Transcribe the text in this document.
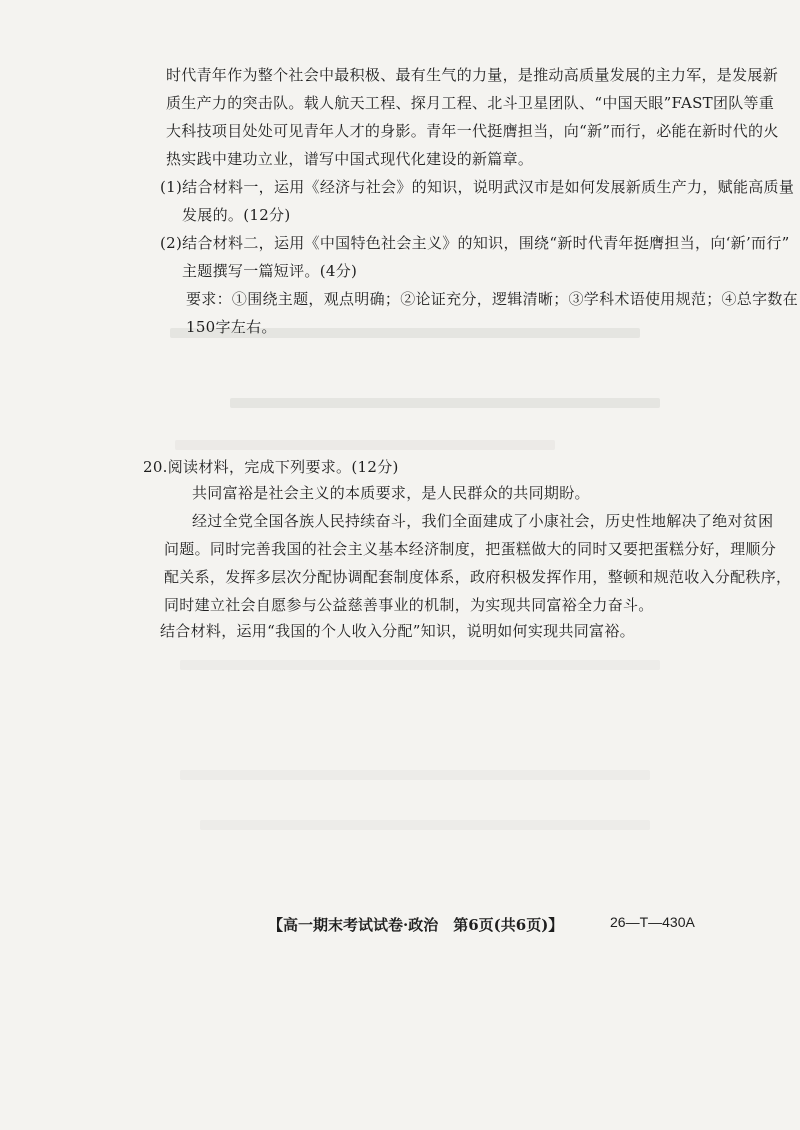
时代青年作为整个社会中最积极、最有生气的力量，是推动高质量发展的主力军，是发展新
质生产力的突击队。载人航天工程、探月工程、北斗卫星团队、“中国天眼”FAST团队等重
大科技项目处处可见青年人才的身影。青年一代挺膺担当，向“新”而行，必能在新时代的火
热实践中建功立业，谱写中国式现代化建设的新篇章。
(1)结合材料一，运用《经济与社会》的知识，说明武汉市是如何发展新质生产力，赋能高质量
发展的。(12分)
(2)结合材料二，运用《中国特色社会主义》的知识，围绕“新时代青年挺膺担当，向‘新’而行”
主题撰写一篇短评。(4分)
要求：①围绕主题，观点明确；②论证充分，逻辑清晰；③学科术语使用规范；④总字数在
150字左右。
20.阅读材料，完成下列要求。(12分)
共同富裕是社会主义的本质要求，是人民群众的共同期盼。
经过全党全国各族人民持续奋斗，我们全面建成了小康社会，历史性地解决了绝对贫困
问题。同时完善我国的社会主义基本经济制度，把蛋糕做大的同时又要把蛋糕分好，理顺分
配关系，发挥多层次分配协调配套制度体系，政府积极发挥作用，整顿和规范收入分配秩序，
同时建立社会自愿参与公益慈善事业的机制，为实现共同富裕全力奋斗。
结合材料，运用“我国的个人收入分配”知识，说明如何实现共同富裕。
【高一期末考试试卷·政治　第6页(共6页)】	26—T—430A
